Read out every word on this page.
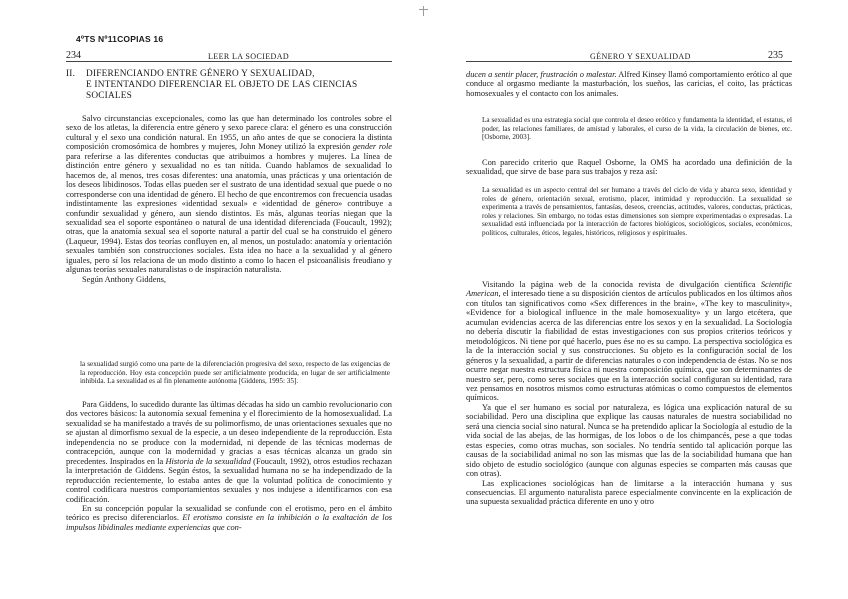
4ºTS Nº11COPIAS 16
234	LEER LA SOCIEDAD
II. DIFERENCIANDO ENTRE GÉNERO Y SEXUALIDAD,
E INTENTANDO DIFERENCIAR EL OBJETO DE LAS CIENCIAS
SOCIALES

Salvo circunstancias excepcionales, como las que han determinado los controles sobre el sexo de los atletas, la diferencia entre género y sexo parece clara: el género es una construcción cultural y el sexo una condición natural. En 1955, un año antes de que se conociera la distinta composición cromosómica de hombres y mujeres, John Money utilizó la expresión gender role para referirse a las diferentes conductas que atribuimos a hombres y mujeres. La línea de distinción entre género y sexualidad no es tan nítida. Cuando hablamos de sexualidad lo hacemos de, al menos, tres cosas diferentes: una anatomía, unas prácticas y una orientación de los deseos libidinosos. Todas ellas pueden ser el sustrato de una identidad sexual que puede o no corresponderse con una identidad de género. El hecho de que encontremos con frecuencia usadas indistintamente las expresiones «identidad sexual» e «identidad de género» contribuye a confundir sexualidad y género, aun siendo distintos. Es más, algunas teorías niegan que la sexualidad sea el soporte espontáneo o natural de una identidad diferenciada (Foucault, 1992); otras, que la anatomía sexual sea el soporte natural a partir del cual se ha construido el género (Laqueur, 1994). Estas dos teorías confluyen en, al menos, un postulado: anatomía y orientación sexuales también son construcciones sociales. Esta idea no hace a la sexualidad y al género iguales, pero sí los relaciona de un modo distinto a como lo hacen el psicoanálisis freudiano y algunas teorías sexuales naturalistas o de inspiración naturalista.

Según Anthony Giddens,

la sexualidad surgió como una parte de la diferenciación progresiva del sexo, respecto de las exigencias de la reproducción. Hoy esta concepción puede ser artificialmente producida, en lugar de ser artificialmente inhibida. La sexualidad es al fin plenamente autónoma [Giddens, 1995: 35].

Para Giddens, lo sucedido durante las últimas décadas ha sido un cambio revolucionario con dos vectores básicos: la autonomía sexual femenina y el florecimiento de la homosexualidad. La sexualidad se ha manifestado a través de su polimorfismo, de unas orientaciones sexuales que no se ajustan al dimorfismo sexual de la especie, a un deseo independiente de la reproducción. Esta independencia no se produce con la modernidad, ni depende de las técnicas modernas de contracepción, aunque con la modernidad y gracias a esas técnicas alcanza un grado sin precedentes. Inspirados en la Historia de la sexualidad (Foucault, 1992), otros estudios rechazan la interpretación de Giddens. Según éstos, la sexualidad humana no se ha independizado de la reproducción recientemente, lo estaba antes de que la voluntad política de conocimiento y control codificara nuestros comportamientos sexuales y nos indujese a identificarnos con esa codificación.

En su concepción popular la sexualidad se confunde con el erotismo, pero en el ámbito teórico es preciso diferenciarlos. El erotismo consiste en la inhibición o la exaltación de los impulsos libidinales mediante experiencias que con-

GÉNERO Y SEXUALIDAD	235

ducen a sentir placer, frustración o malestar. Alfred Kinsey llamó comportamiento erótico al que conduce al orgasmo mediante la masturbación, los sueños, las caricias, el coito, las prácticas homosexuales y el contacto con los animales.

La sexualidad es una estrategia social que controla el deseo erótico y fundamenta la identidad, el estatus, el poder, las relaciones familiares, de amistad y laborales, el curso de la vida, la circulación de bienes, etc. [Osborne, 2003].

Con parecido criterio que Raquel Osborne, la OMS ha acordado una definición de la sexualidad, que sirve de base para sus trabajos y reza así:

La sexualidad es un aspecto central del ser humano a través del ciclo de vida y abarca sexo, identidad y roles de género, orientación sexual, erotismo, placer, intimidad y reproducción. La sexualidad se experimenta a través de pensamientos, fantasías, deseos, creencias, actitudes, valores, conductas, prácticas, roles y relaciones. Sin embargo, no todas estas dimensiones son siempre experimentadas o expresadas. La sexualidad está influenciada por la interacción de factores biológicos, sociológicos, sociales, económicos, políticos, culturales, éticos, legales, históricos, religiosos y espirituales.

Visitando la página web de la conocida revista de divulgación científica Scientific American, el interesado tiene a su disposición cientos de artículos publicados en los últimos años con títulos tan significativos como «Sex differences in the brain», «The key to masculinity», «Evidence for a biological influence in the male homosexuality» y un largo etcétera, que acumulan evidencias acerca de las diferencias entre los sexos y en la sexualidad. La Sociología no debería discutir la fiabilidad de estas investigaciones con sus propios criterios teóricos y metodológicos. Ni tiene por qué hacerlo, pues ése no es su campo. La perspectiva sociológica es la de la interacción social y sus construcciones. Su objeto es la configuración social de los géneros y la sexualidad, a partir de diferencias naturales o con independencia de éstas. No se nos ocurre negar nuestra estructura física ni nuestra composición química, que son determinantes de nuestro ser, pero, como seres sociales que en la interacción social configuran su identidad, rara vez pensamos en nosotros mismos como estructuras atómicas o como compuestos de elementos químicos.

Ya que el ser humano es social por naturaleza, es lógica una explicación natural de su sociabilidad. Pero una disciplina que explique las causas naturales de nuestra sociabilidad no será una ciencia social sino natural. Nunca se ha pretendido aplicar la Sociología al estudio de la vida social de las abejas, de las hormigas, de los lobos o de los chimpancés, pese a que todas estas especies, como otras muchas, son sociales. No tendría sentido tal aplicación porque las causas de la sociabilidad animal no son las mismas que las de la sociabilidad humana que han sido objeto de estudio sociológico (aunque con algunas especies se comparten más causas que con otras).

Las explicaciones sociológicas han de limitarse a la interacción humana y sus consecuencias. El argumento naturalista parece especialmente convincente en la explicación de una supuesta sexualidad práctica diferente en uno y otro
